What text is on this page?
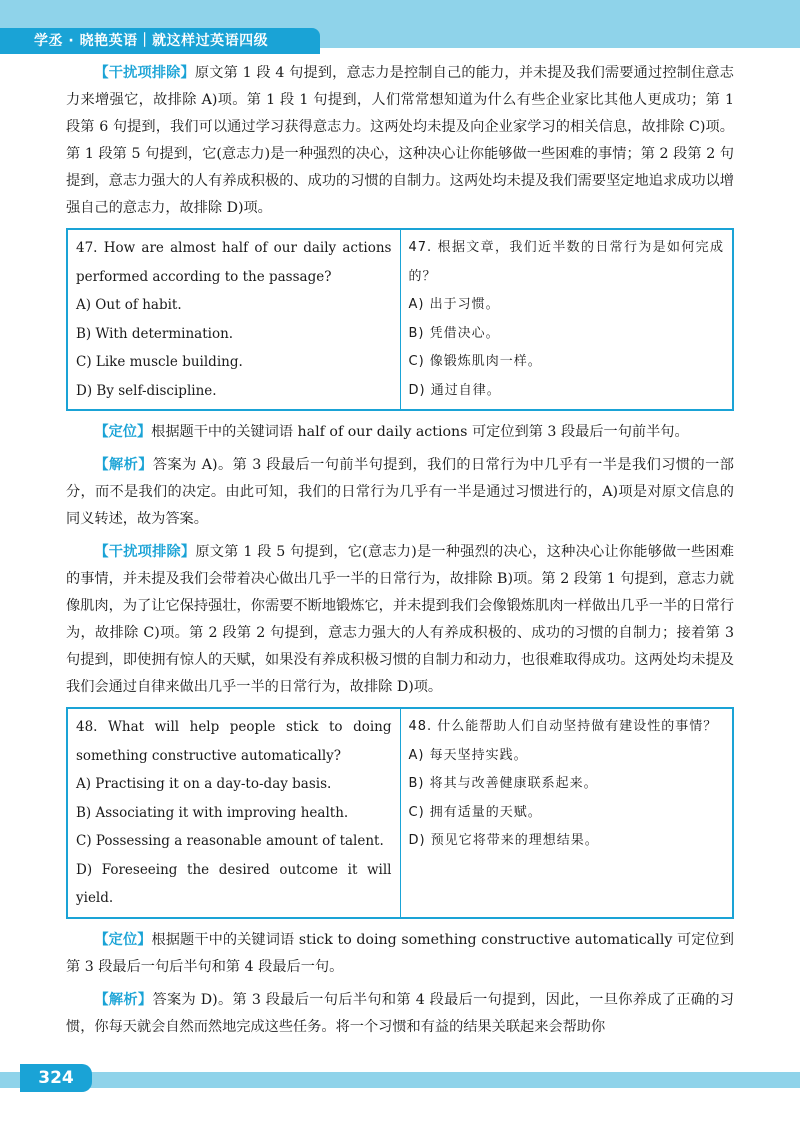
学丞 · 晓艳英语｜就这样过英语四级

【干扰项排除】原文第 1 段 4 句提到，意志力是控制自己的能力，并未提及我们需要通过控制住意志力来增强它，故排除 A)项。第 1 段 1 句提到，人们常常想知道为什么有些企业家比其他人更成功；第 1 段第 6 句提到，我们可以通过学习获得意志力。这两处均未提及向企业家学习的相关信息，故排除 C)项。第 1 段第 5 句提到，它(意志力)是一种强烈的决心，这种决心让你能够做一些困难的事情；第 2 段第 2 句提到，意志力强大的人有养成积极的、成功的习惯的自制力。这两处均未提及我们需要坚定地追求成功以增强自己的意志力，故排除 D)项。

47. How are almost half of our daily actions performed according to the passage?
A) Out of habit.
B) With determination.
C) Like muscle building.
D) By self-discipline.

47. 根据文章，我们近半数的日常行为是如何完成的？
A) 出于习惯。
B) 凭借决心。
C) 像锻炼肌肉一样。
D) 通过自律。

【定位】根据题干中的关键词语 half of our daily actions 可定位到第 3 段最后一句前半句。

【解析】答案为 A)。第 3 段最后一句前半句提到，我们的日常行为中几乎有一半是我们习惯的一部分，而不是我们的决定。由此可知，我们的日常行为几乎有一半是通过习惯进行的，A)项是对原文信息的同义转述，故为答案。

【干扰项排除】原文第 1 段 5 句提到，它(意志力)是一种强烈的决心，这种决心让你能够做一些困难的事情，并未提及我们会带着决心做出几乎一半的日常行为，故排除 B)项。第 2 段第 1 句提到，意志力就像肌肉，为了让它保持强壮，你需要不断地锻炼它，并未提到我们会像锻炼肌肉一样做出几乎一半的日常行为，故排除 C)项。第 2 段第 2 句提到，意志力强大的人有养成积极的、成功的习惯的自制力；接着第 3 句提到，即使拥有惊人的天赋，如果没有养成积极习惯的自制力和动力，也很难取得成功。这两处均未提及我们会通过自律来做出几乎一半的日常行为，故排除 D)项。

48. What will help people stick to doing something constructive automatically?
A) Practising it on a day-to-day basis.
B) Associating it with improving health.
C) Possessing a reasonable amount of talent.
D) Foreseeing the desired outcome it will yield.

48. 什么能帮助人们自动坚持做有建设性的事情？
A) 每天坚持实践。
B) 将其与改善健康联系起来。
C) 拥有适量的天赋。
D) 预见它将带来的理想结果。

【定位】根据题干中的关键词语 stick to doing something constructive automatically 可定位到第 3 段最后一句后半句和第 4 段最后一句。

【解析】答案为 D)。第 3 段最后一句后半句和第 4 段最后一句提到，因此，一旦你养成了正确的习惯，你每天就会自然而然地完成这些任务。将一个习惯和有益的结果关联起来会帮助你

324
